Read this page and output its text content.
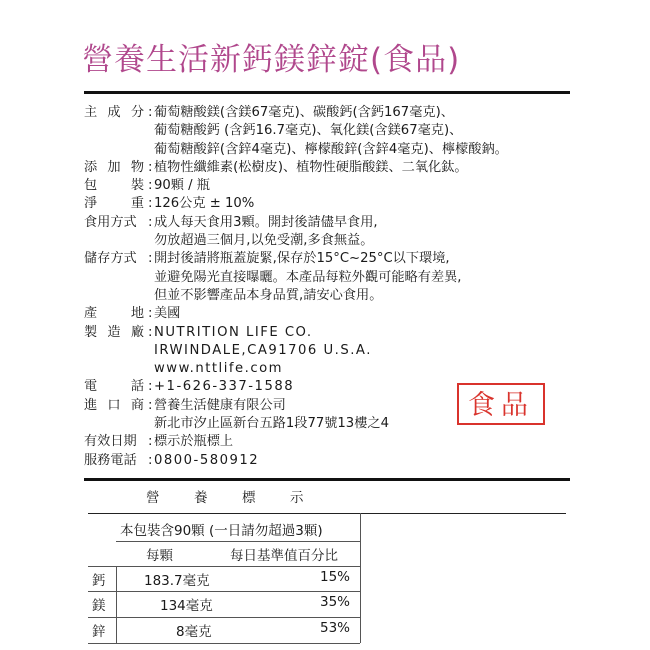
營養生活新鈣鎂鋅錠(食品)
主 成 分 : 葡萄糖酸鎂(含鎂67毫克)、碳酸鈣(含鈣167毫克)、
葡萄糖酸鈣 (含鈣16.7毫克)、氧化鎂(含鎂67毫克)、
葡萄糖酸鋅(含鋅4毫克)、檸檬酸鋅(含鋅4毫克)、檸檬酸鈉。
添 加 物 : 植物性纖維素(松樹皮)、植物性硬脂酸鎂、二氧化鈦。
包	裝 : 90顆 / 瓶
淨	重 : 126公克 ± 10%
食用方式 : 成人每天食用3顆。開封後請儘早食用,
勿放超過三個月,以免受潮,多食無益。
儲存方式 : 開封後請將瓶蓋旋緊,保存於15°C~25°C以下環境,
並避免陽光直接曝曬。本產品每粒外觀可能略有差異,
但並不影響產品本身品質,請安心食用。
產	地 : 美國
製 造 廠 : NUTRITION LIFE CO.
IRWINDALE,CA91706 U.S.A.
www.nttlife.com
電	話 : +1-626-337-1588
進 口 商 : 營養生活健康有限公司
新北市汐止區新台五路1段77號13樓之4
有效日期 : 標示於瓶標上
服務電話 : 0800-580912
食品
營	養	標	示
本包裝含90顆 (一日請勿超過3顆)
每顆	每日基準值百分比
鈣	183.7毫克	15%
鎂	134毫克	35%
鋅	8毫克	53%
